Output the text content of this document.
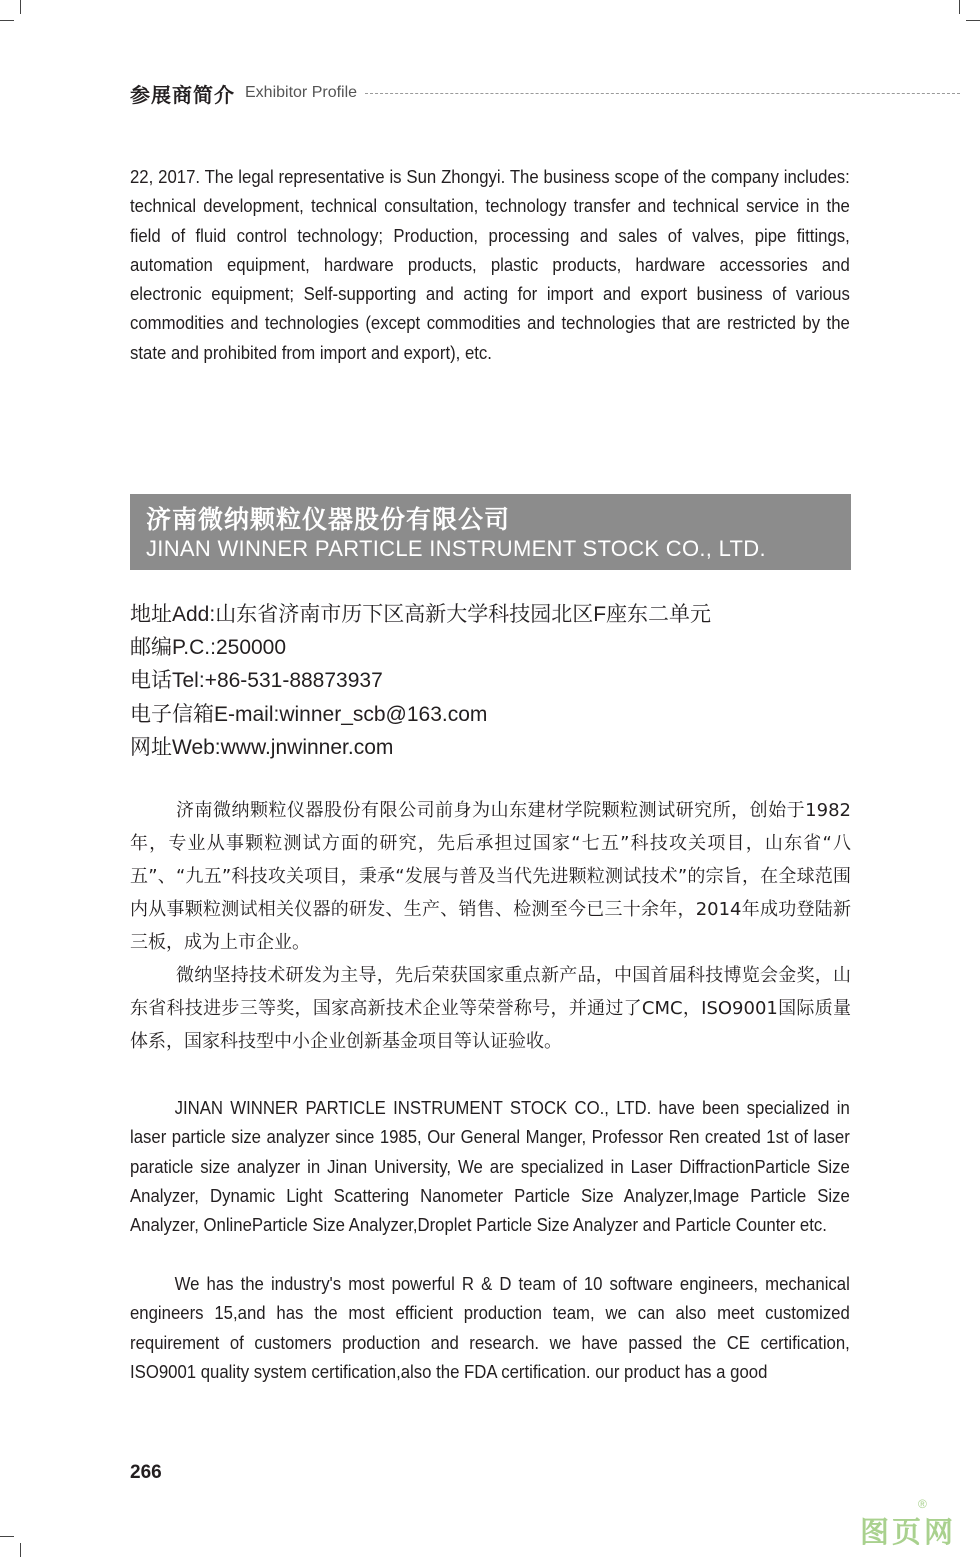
参展商简介 Exhibitor Profile

22, 2017. The legal representative is Sun Zhongyi. The business scope of the company includes: technical development, technical consultation, technology transfer and technical service in the field of fluid control technology; Production, processing and sales of valves, pipe fittings, automation equipment, hardware products, plastic products, hardware accessories and electronic equipment; Self-supporting and acting for import and export business of various commodities and technologies (except commodities and technologies that are restricted by the state and prohibited from import and export), etc.

济南微纳颗粒仪器股份有限公司
JINAN WINNER PARTICLE INSTRUMENT STOCK CO., LTD.
地址Add:山东省济南市历下区高新大学科技园北区F座东二单元
邮编P.C.:250000
电话Tel:+86-531-88873937
电子信箱E-mail:winner_scb@163.com
网址Web:www.jnwinner.com

济南微纳颗粒仪器股份有限公司前身为山东建材学院颗粒测试研究所，创始于1982年，专业从事颗粒测试方面的研究，先后承担过国家“七五”科技攻关项目，山东省“八五”、“九五”科技攻关项目，秉承“发展与普及当代先进颗粒测试技术”的宗旨，在全球范围内从事颗粒测试相关仪器的研发、生产、销售、检测至今已三十余年，2014年成功登陆新三板，成为上市企业。

微纳坚持技术研发为主导，先后荣获国家重点新产品，中国首届科技博览会金奖，山东省科技进步三等奖，国家高新技术企业等荣誉称号，并通过了CMC，ISO9001国际质量体系，国家科技型中小企业创新基金项目等认证验收。

JINAN WINNER PARTICLE INSTRUMENT STOCK CO., LTD. have been specialized in laser particle size analyzer since 1985, Our General Manger, Professor Ren created 1st of laser paraticle size analyzer in Jinan University, We are specialized in Laser DiffractionParticle Size Analyzer, Dynamic Light Scattering Nanometer Particle Size Analyzer,Image Particle Size Analyzer, OnlineParticle Size Analyzer,Droplet Particle Size Analyzer and Particle Counter etc.

We has the industry's most powerful R & D team of 10 software engineers, mechanical engineers 15,and has the most efficient production team, we can also meet customized requirement of customers production and research. we have passed the CE certification, ISO9001 quality system certification,also the FDA certification. our product has a good

266
图页网
®
